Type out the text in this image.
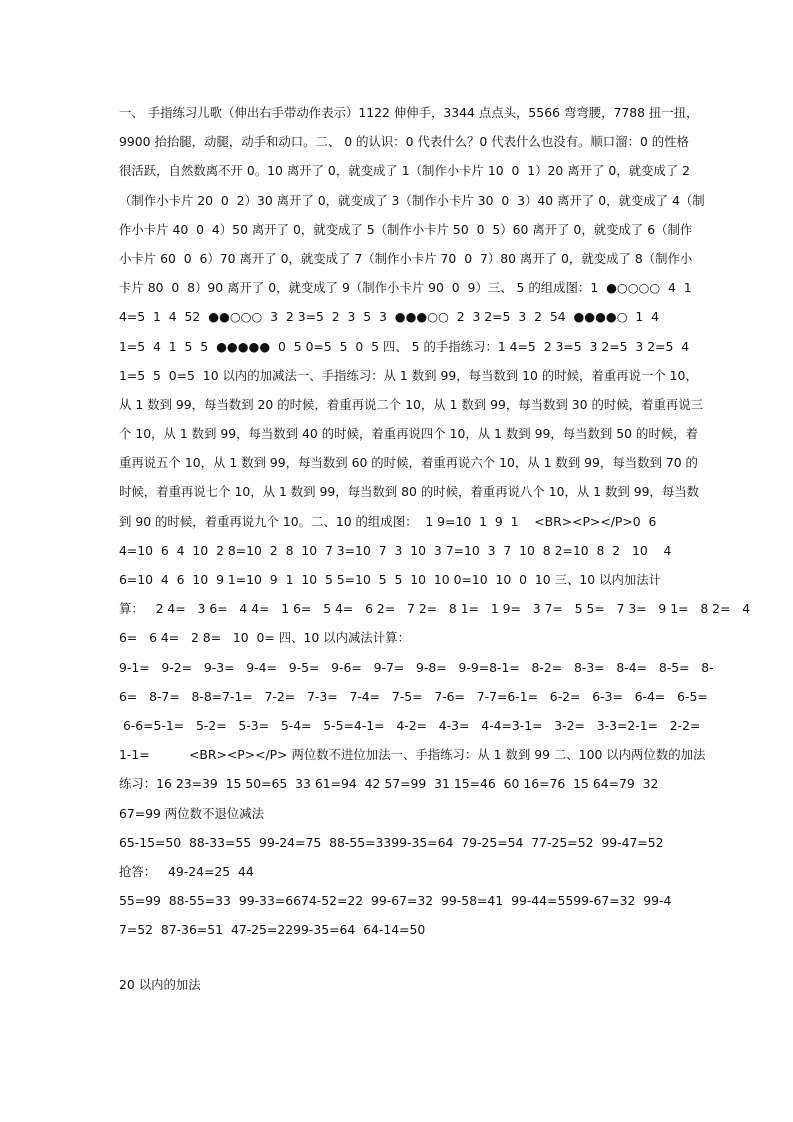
一、 手指练习儿歌（伸出右手带动作表示）1122 伸伸手，3344 点点头，5566 弯弯腰，7788 扭一扭，
9900 抬抬腿，动腿，动手和动口。二、 0 的认识：0 代表什么？0 代表什么也没有。顺口溜：0 的性格
很活跃，自然数离不开 0。10 离开了 0，就变成了 1（制作小卡片 10  0  1）20 离开了 0，就变成了 2
（制作小卡片 20  0  2）30 离开了 0，就变成了 3（制作小卡片 30  0  3）40 离开了 0，就变成了 4（制
作小卡片 40  0  4）50 离开了 0，就变成了 5（制作小卡片 50  0  5）60 离开了 0，就变成了 6（制作
小卡片 60  0  6）70 离开了 0，就变成了 7（制作小卡片 70  0  7）80 离开了 0，就变成了 8（制作小
卡片 80  0  8）90 离开了 0，就变成了 9（制作小卡片 90  0  9）三、 5 的组成图：1  ●○○○○  4  1
4=5  1  4  52  ●●○○○  3  2 3=5  2  3  5  3  ●●●○○  2  3 2=5  3  2  54  ●●●●○  1  4
1=5  4  1  5  5  ●●●●●  0  5 0=5  5  0  5 四、 5 的手指练习：1 4=5  2 3=5  3 2=5  3 2=5  4
1=5  5  0=5  10 以内的加减法一、手指练习：从 1 数到 99，每当数到 10 的时候，着重再说一个 10，
从 1 数到 99，每当数到 20 的时候，着重再说二个 10，从 1 数到 99，每当数到 30 的时候，着重再说三
个 10，从 1 数到 99，每当数到 40 的时候，着重再说四个 10，从 1 数到 99，每当数到 50 的时候，着
重再说五个 10，从 1 数到 99，每当数到 60 的时候，着重再说六个 10，从 1 数到 99，每当数到 70 的
时候，着重再说七个 10，从 1 数到 99，每当数到 80 的时候，着重再说八个 10，从 1 数到 99，每当数
到 90 的时候，着重再说九个 10。二、10 的组成图：  1 9=10  1  9  1    <BR><P></P>0  6
4=10  6  4  10  2 8=10  2  8  10  7 3=10  7  3  10  3 7=10  3  7  10  8 2=10  8  2   10    4
6=10  4  6  10  9 1=10  9  1  10  5 5=10  5  5  10  10 0=10  10  0  10 三、10 以内加法计
算：   2 4=   3 6=   4 4=   1 6=   5 4=   6 2=   7 2=   8 1=   1 9=   3 7=   5 5=   7 3=   9 1=   8 2=   4
6=   6 4=   2 8=   10  0= 四、10 以内减法计算：
9-1=   9-2=   9-3=   9-4=   9-5=   9-6=   9-7=   9-8=   9-9=8-1=   8-2=   8-3=   8-4=   8-5=   8-
6=   8-7=   8-8=7-1=   7-2=   7-3=   7-4=   7-5=   7-6=   7-7=6-1=   6-2=   6-3=   6-4=   6-5=
6-6=5-1=   5-2=   5-3=   5-4=   5-5=4-1=   4-2=   4-3=   4-4=3-1=   3-2=   3-3=2-1=   2-2=
1-1=          <BR><P></P> 两位数不进位加法一、手指练习：从 1 数到 99 二、100 以内两位数的加法
练习：16 23=39  15 50=65  33 61=94  42 57=99  31 15=46  60 16=76  15 64=79  32
67=99 两位数不退位减法
65-15=50  88-33=55  99-24=75  88-55=3399-35=64  79-25=54  77-25=52  99-47=52
抢答：   49-24=25  44
55=99  88-55=33  99-33=6674-52=22  99-67=32  99-58=41  99-44=5599-67=32  99-4
7=52  87-36=51  47-25=2299-35=64  64-14=50
20 以内的加法
